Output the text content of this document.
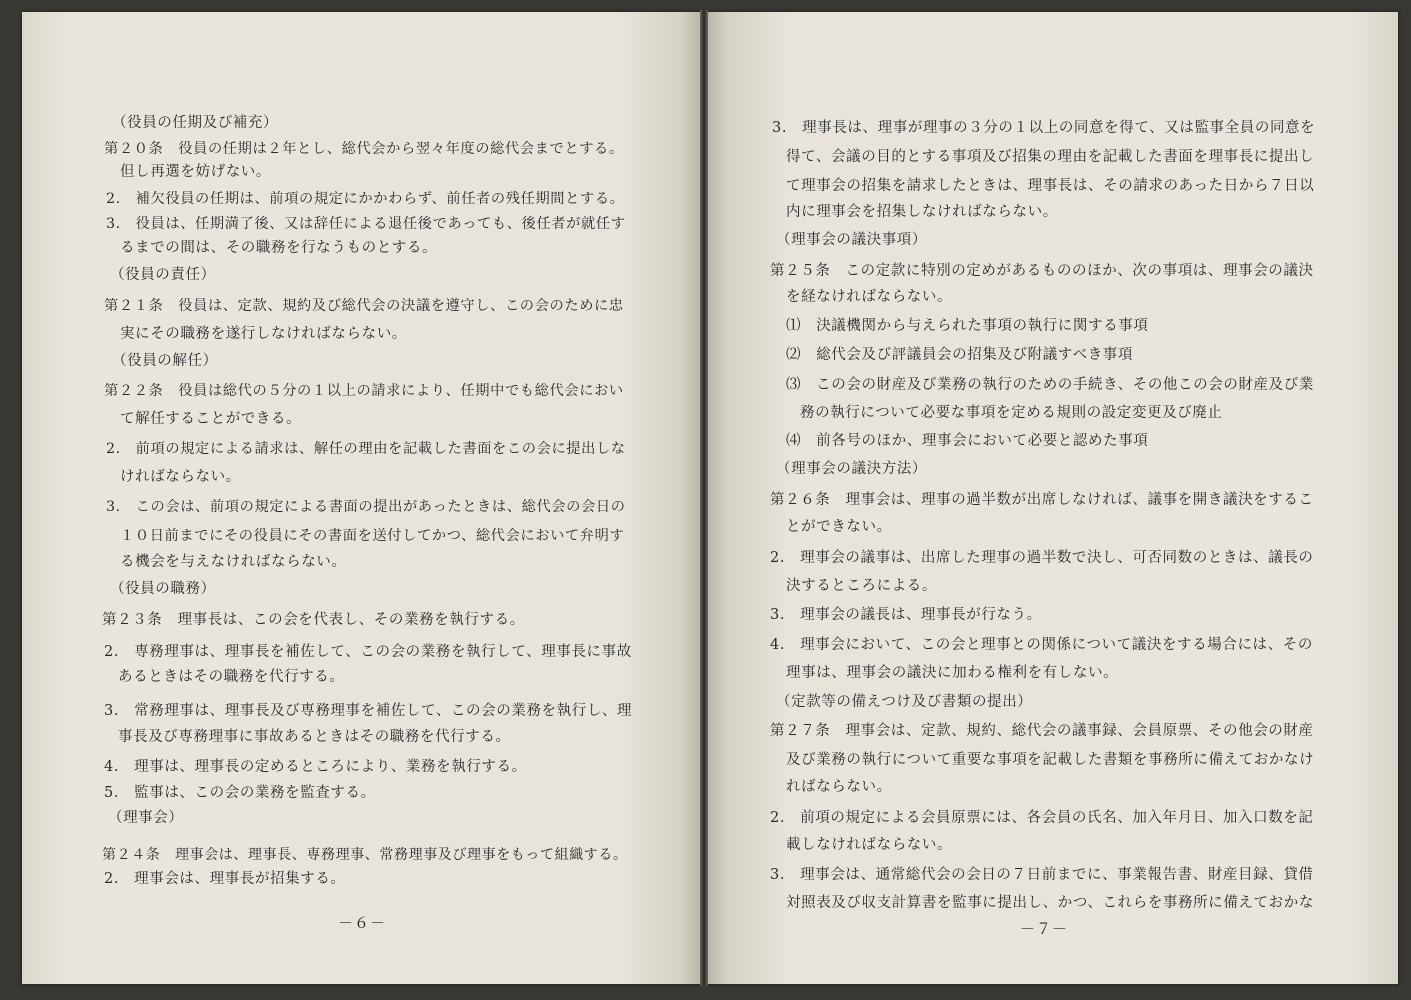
（役員の任期及び補充）
第２０条　役員の任期は２年とし、総代会から翌々年度の総代会までとする。
但し再選を妨げない。
2.　補欠役員の任期は、前項の規定にかかわらず、前任者の残任期間とする。
3.　役員は、任期満了後、又は辞任による退任後であっても、後任者が就任す
るまでの間は、その職務を行なうものとする。
（役員の責任）
第２１条　役員は、定款、規約及び総代会の決議を遵守し、この会のために忠
実にその職務を遂行しなければならない。
（役員の解任）
第２２条　役員は総代の５分の１以上の請求により、任期中でも総代会におい
て解任することができる。
2.　前項の規定による請求は、解任の理由を記載した書面をこの会に提出しな
ければならない。
3.　この会は、前項の規定による書面の提出があったときは、総代会の会日の
１０日前までにその役員にその書面を送付してかつ、総代会において弁明す
る機会を与えなければならない。
（役員の職務）
第２３条　理事長は、この会を代表し、その業務を執行する。
2.　専務理事は、理事長を補佐して、この会の業務を執行して、理事長に事故
あるときはその職務を代行する。
3.　常務理事は、理事長及び専務理事を補佐して、この会の業務を執行し、理
事長及び専務理事に事故あるときはその職務を代行する。
4.　理事は、理事長の定めるところにより、業務を執行する。
5.　監事は、この会の業務を監査する。
（理事会）
第２４条　理事会は、理事長、専務理事、常務理事及び理事をもって組織する。
2.　理事会は、理事長が招集する。
－６－
3.　理事長は、理事が理事の３分の１以上の同意を得て、又は監事全員の同意を
得て、会議の目的とする事項及び招集の理由を記載した書面を理事長に提出し
て理事会の招集を請求したときは、理事長は、その請求のあった日から７日以
内に理事会を招集しなければならない。
（理事会の議決事項）
第２５条　この定款に特別の定めがあるもののほか、次の事項は、理事会の議決
を経なければならない。
⑴　決議機関から与えられた事項の執行に関する事項
⑵　総代会及び評議員会の招集及び附議すべき事項
⑶　この会の財産及び業務の執行のための手続き、その他この会の財産及び業
務の執行について必要な事項を定める規則の設定変更及び廃止
⑷　前各号のほか、理事会において必要と認めた事項
（理事会の議決方法）
第２６条　理事会は、理事の過半数が出席しなければ、議事を開き議決をするこ
とができない。
2.　理事会の議事は、出席した理事の過半数で決し、可否同数のときは、議長の
決するところによる。
3.　理事会の議長は、理事長が行なう。
4.　理事会において、この会と理事との関係について議決をする場合には、その
理事は、理事会の議決に加わる権利を有しない。
（定款等の備えつけ及び書類の提出）
第２７条　理事会は、定款、規約、総代会の議事録、会員原票、その他会の財産
及び業務の執行について重要な事項を記載した書類を事務所に備えておかなけ
ればならない。
2.　前項の規定による会員原票には、各会員の氏名、加入年月日、加入口数を記
載しなければならない。
3.　理事会は、通常総代会の会日の７日前までに、事業報告書、財産目録、貸借
対照表及び収支計算書を監事に提出し、かつ、これらを事務所に備えておかな
－７－
